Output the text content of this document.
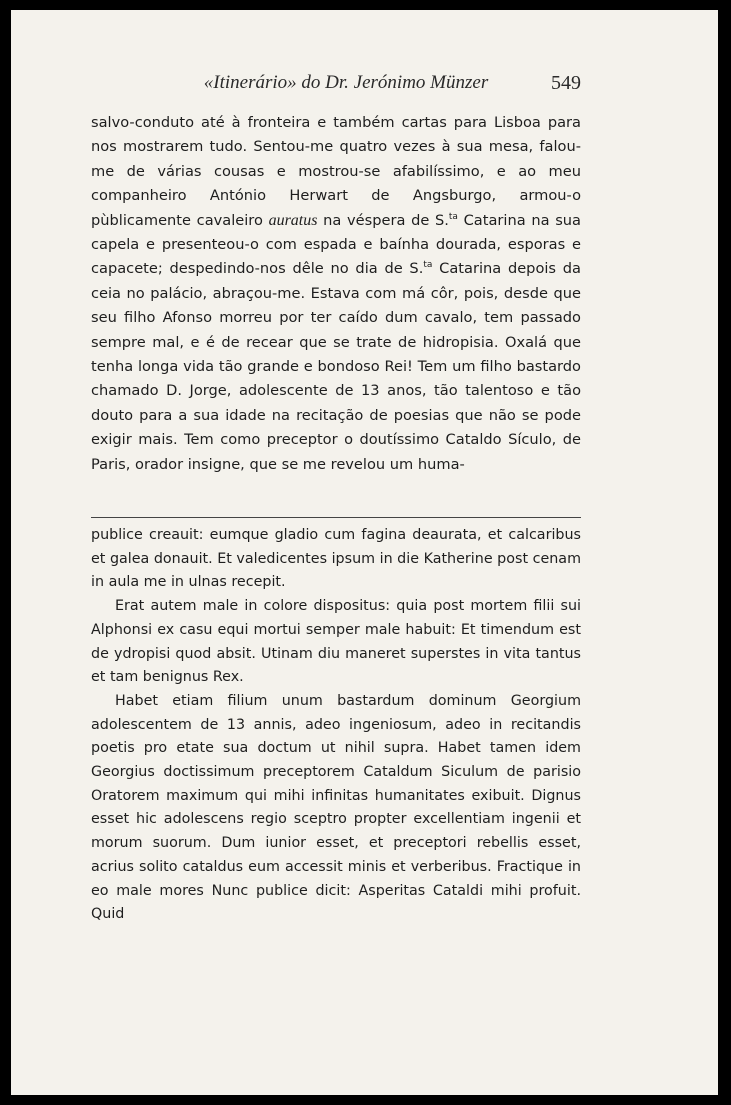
«Itinerário» do Dr. Jerónimo Münzer	549

salvo-conduto até à fronteira e também cartas para Lisboa para nos mostrarem tudo. Sentou-me quatro vezes à sua mesa, falou-me de várias cousas e mostrou-se afabilíssimo, e ao meu companheiro António Herwart de Angsburgo, armou-o pùblicamente cavaleiro auratus na véspera de S.$^{ta}$ Catarina na sua capela e presenteou-o com espada e baínha dourada, esporas e capacete; despedindo-nos dêle no dia de S.$^{ta}$ Catarina depois da ceia no palácio, abraçou-me. Estava com má côr, pois, desde que seu filho Afonso morreu por ter caído dum cavalo, tem passado sempre mal, e é de recear que se trate de hidropisia. Oxalá que tenha longa vida tão grande e bondoso Rei! Tem um filho bastardo chamado D. Jorge, adolescente de 13 anos, tão talentoso e tão douto para a sua idade na recitação de poesias que não se pode exigir mais. Tem como preceptor o doutíssimo Cataldo Sículo, de Paris, orador insigne, que se me revelou um huma-

publice creauit: eumque gladio cum fagina deaurata, et calcaribus et galea donauit. Et valedicentes ipsum in die Katherine post cenam in aula me in ulnas recepit.

Erat autem male in colore dispositus: quia post mortem filii sui Alphonsi ex casu equi mortui semper male habuit: Et timendum est de ydropisi quod absit. Utinam diu maneret superstes in vita tantus et tam benignus Rex.

Habet etiam filium unum bastardum dominum Georgium adolescentem de 13 annis, adeo ingeniosum, adeo in recitandis poetis pro etate sua doctum ut nihil supra. Habet tamen idem Georgius doctissimum preceptorem Cataldum Siculum de parisio Oratorem maximum qui mihi infinitas humanitates exibuit. Dignus esset hic adolescens regio sceptro propter excellentiam ingenii et morum suorum. Dum iunior esset, et preceptori rebellis esset, acrius solito cataldus eum accessit minis et verberibus. Fractique in eo male mores Nunc publice dicit: Asperitas Cataldi mihi profuit. Quid
